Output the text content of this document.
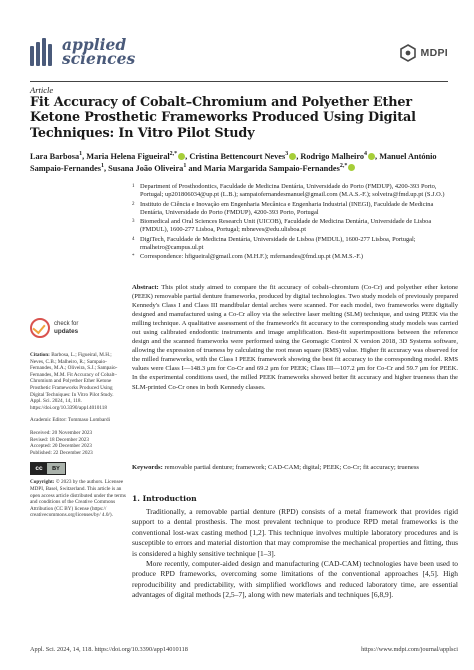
applied
sciences	MDPI
Article
Fit Accuracy of Cobalt–Chromium and Polyether Ether Ketone Prosthetic Frameworks Produced Using Digital Techniques: In Vitro Pilot Study
Lara Barbosa$^1$, Maria Helena Figueiral$^{2,*}$ , Cristina Bettencourt Neves$^3$ , Rodrigo Malheiro$^4$ , Manuel António Sampaio-Fernandes$^1$, Susana João Oliveira$^1$ and Maria Margarida Sampaio-Fernandes$^{2,*}$
1 Department of Prosthodontics, Faculdade de Medicina Dentária, Universidade do Porto (FMDUP), 4200-393 Porto, Portugal; up201806034@up.pt (L.B.); sampaiofernandesmanuel@gmail.com (M.A.S.-F.); solveira@fmd.up.pt (S.J.O.)
2 Instituto de Ciência e Inovação em Engenharia Mecânica e Engenharia Industrial (INEGI), Faculdade de Medicina Dentária, Universidade do Porto (FMDUP), 4200-393 Porto, Portugal
3 Biomedical and Oral Sciences Research Unit (UICOB), Faculdade de Medicina Dentária, Universidade de Lisboa (FMDUL), 1600-277 Lisboa, Portugal; mbneves@edu.ulisboa.pt
4 DigiTech, Faculdade de Medicina Dentária, Universidade de Lisboa (FMDUL), 1600-277 Lisboa, Portugal; rmalheiro@campus.ul.pt
* Correspondence: hfigueiral@gmail.com (M.H.F.); mfernandes@fmd.up.pt (M.M.S.-F.)
Abstract: This pilot study aimed to compare the fit accuracy of cobalt–chromium (Co-Cr) and polyether ether ketone (PEEK) removable partial denture frameworks, produced by digital technologies. Two study models of previously prepared Kennedy's Class I and Class III mandibular dental arches were scanned. For each model, two frameworks were digitally designed and manufactured using a Co-Cr alloy via the selective laser melting (SLM) technique, and using PEEK via the milling technique. A qualitative assessment of the framework's fit accuracy to the corresponding study models was carried out using calibrated endodontic instruments and image amplification. Best-fit superimpositions between the reference design and the scanned frameworks were performed using the Geomagic Control X version 2018, 3D Systems software, allowing the expression of trueness by calculating the root mean square (RMS) value. Higher fit accuracy was observed for the milled frameworks, with the Class I PEEK framework showing the best fit accuracy to the corresponding model. RMS values were Class I—148.3 μm for Co-Cr and 69.2 μm for PEEK; Class III—107.2 μm for Co-Cr and 59.7 μm for PEEK. In the experimental conditions used, the milled PEEK frameworks showed better fit accuracy and higher trueness than the SLM-printed Co-Cr ones in both Kennedy classes.
Keywords: removable partial denture; framework; CAD-CAM; digital; PEEK; Co-Cr; fit accuracy; trueness
check for
updates
Citation: Barbosa, L.; Figueiral, M.H.; Neves, C.B.; Malheiro, R.; Sampaio-Fernandes, M.A.; Oliveira, S.J.; Sampaio-Fernandes, M.M. Fit Accuracy of Cobalt–Chromium and Polyether Ether Ketone Prosthetic Frameworks Produced Using Digital Techniques: In Vitro Pilot Study. Appl. Sci. 2024, 14, 118. https://doi.org/10.3390/app14010118
Academic Editor: Tommaso Lombardi
Received: 20 November 2023
Revised: 18 December 2023
Accepted: 20 December 2023
Published: 22 December 2023
cc	BY
Copyright: © 2023 by the authors. Licensee MDPI, Basel, Switzerland. This article is an open access article distributed under the terms and conditions of the Creative Commons Attribution (CC BY) license (https:// creativecommons.org/licenses/by/ 4.0/).
1. Introduction

Traditionally, a removable partial denture (RPD) consists of a metal framework that provides rigid support to a dental prosthesis. The most prevalent technique to produce RPD metal frameworks is the conventional lost-wax casting method [1,2]. This technique involves multiple laboratory procedures and is susceptible to errors and material distortion that may compromise the mechanical properties and fitting, thus is considered a highly sensitive technique [1–3].

More recently, computer-aided design and manufacturing (CAD-CAM) technologies have been used to produce RPD frameworks, overcoming some limitations of the conventional approaches [4,5]. High reproducibility and predictability, with simplified workflows and reduced laboratory time, are essential advantages of digital methods [2,5–7], along with new materials and techniques [6,8,9].

Appl. Sci. 2024, 14, 118. https://doi.org/10.3390/app14010118	https://www.mdpi.com/journal/applsci
